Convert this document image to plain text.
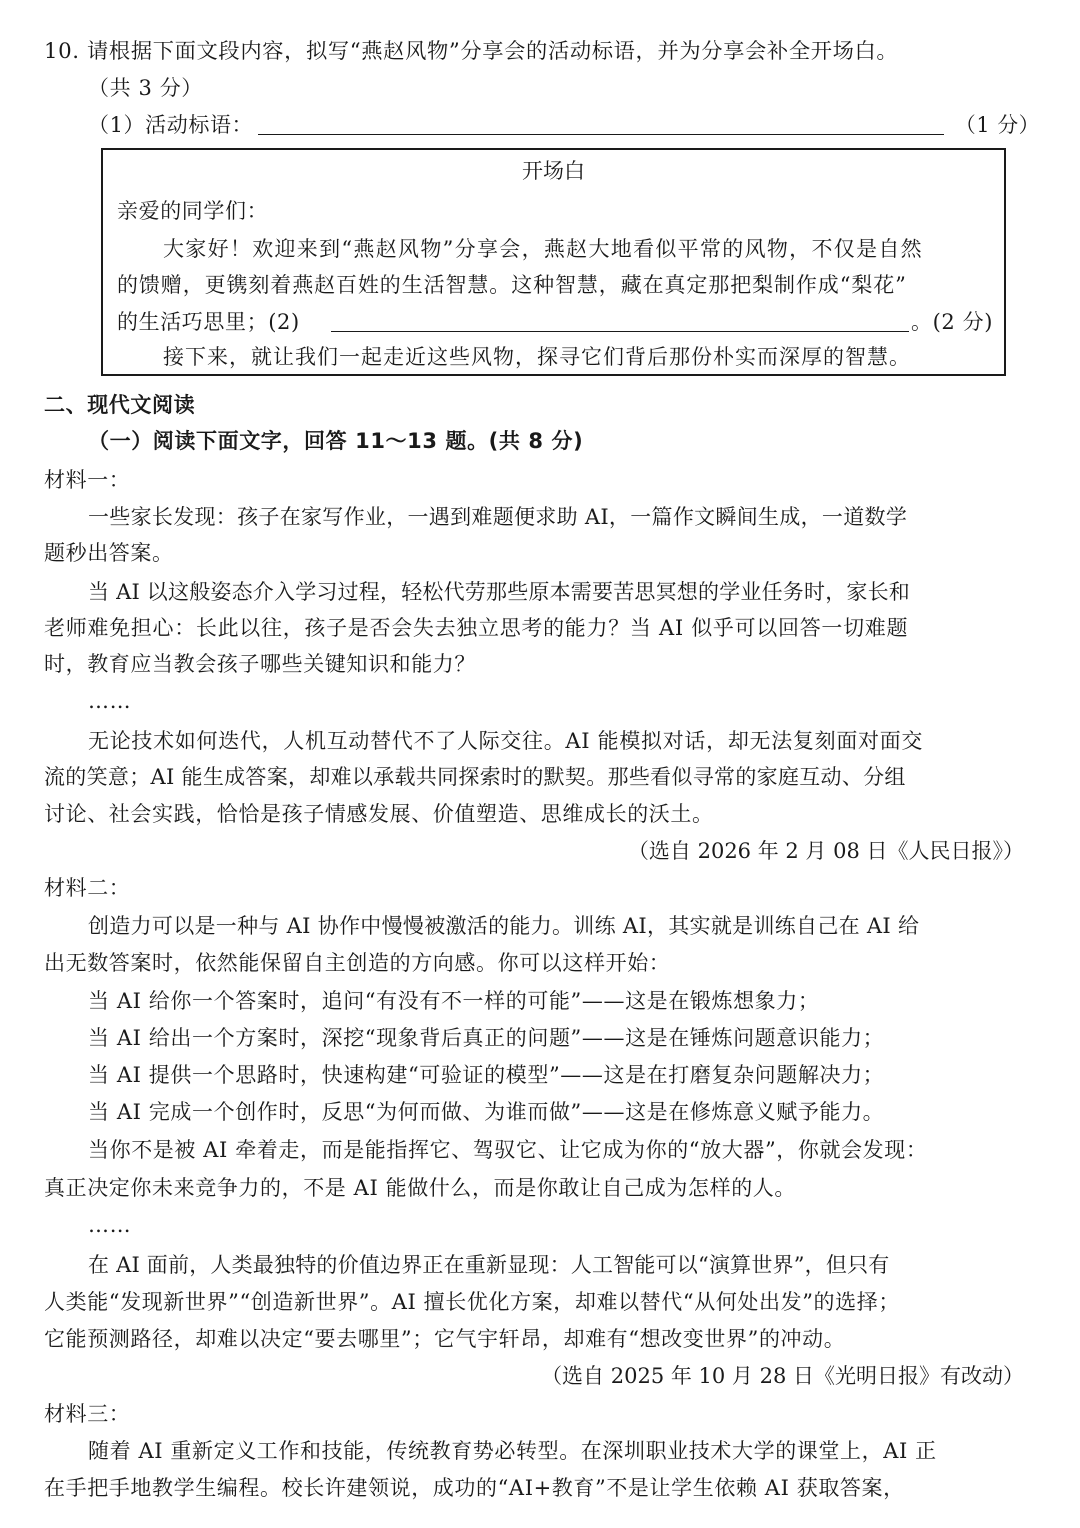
10. 请根据下面文段内容，拟写“燕赵风物”分享会的活动标语，并为分享会补全开场白。
（共 3 分）
（1）活动标语：	（1 分）
开场白
亲爱的同学们：
大家好！欢迎来到“燕赵风物”分享会，燕赵大地看似平常的风物，不仅是自然
的馈赠，更镌刻着燕赵百姓的生活智慧。这种智慧，藏在真定那把梨制作成“梨花”
的生活巧思里；(2)	。(2 分)
接下来，就让我们一起走近这些风物，探寻它们背后那份朴实而深厚的智慧。
二、现代文阅读
（一）阅读下面文字，回答 11～13 题。(共 8 分)
材料一：
一些家长发现：孩子在家写作业，一遇到难题便求助 AI，一篇作文瞬间生成，一道数学
题秒出答案。
当 AI 以这般姿态介入学习过程，轻松代劳那些原本需要苦思冥想的学业任务时，家长和
老师难免担心：长此以往，孩子是否会失去独立思考的能力？当 AI 似乎可以回答一切难题
时，教育应当教会孩子哪些关键知识和能力？
……
无论技术如何迭代，人机互动替代不了人际交往。AI 能模拟对话，却无法复刻面对面交
流的笑意；AI 能生成答案，却难以承载共同探索时的默契。那些看似寻常的家庭互动、分组
讨论、社会实践，恰恰是孩子情感发展、价值塑造、思维成长的沃土。
（选自 2026 年 2 月 08 日《人民日报》）
材料二：
创造力可以是一种与 AI 协作中慢慢被激活的能力。训练 AI，其实就是训练自己在 AI 给
出无数答案时，依然能保留自主创造的方向感。你可以这样开始：
当 AI 给你一个答案时，追问“有没有不一样的可能”——这是在锻炼想象力；
当 AI 给出一个方案时，深挖“现象背后真正的问题”——这是在锤炼问题意识能力；
当 AI 提供一个思路时，快速构建“可验证的模型”——这是在打磨复杂问题解决力；
当 AI 完成一个创作时，反思“为何而做、为谁而做”——这是在修炼意义赋予能力。
当你不是被 AI 牵着走，而是能指挥它、驾驭它、让它成为你的“放大器”，你就会发现：
真正决定你未来竞争力的，不是 AI 能做什么，而是你敢让自己成为怎样的人。
……
在 AI 面前，人类最独特的价值边界正在重新显现：人工智能可以“演算世界”，但只有
人类能“发现新世界”“创造新世界”。AI 擅长优化方案，却难以替代“从何处出发”的选择；
它能预测路径，却难以决定“要去哪里”；它气宇轩昂，却难有“想改变世界”的冲动。
（选自 2025 年 10 月 28 日《光明日报》有改动）
材料三：
随着 AI 重新定义工作和技能，传统教育势必转型。在深圳职业技术大学的课堂上，AI 正
在手把手地教学生编程。校长许建领说，成功的“AI+教育”不是让学生依赖 AI 获取答案，
